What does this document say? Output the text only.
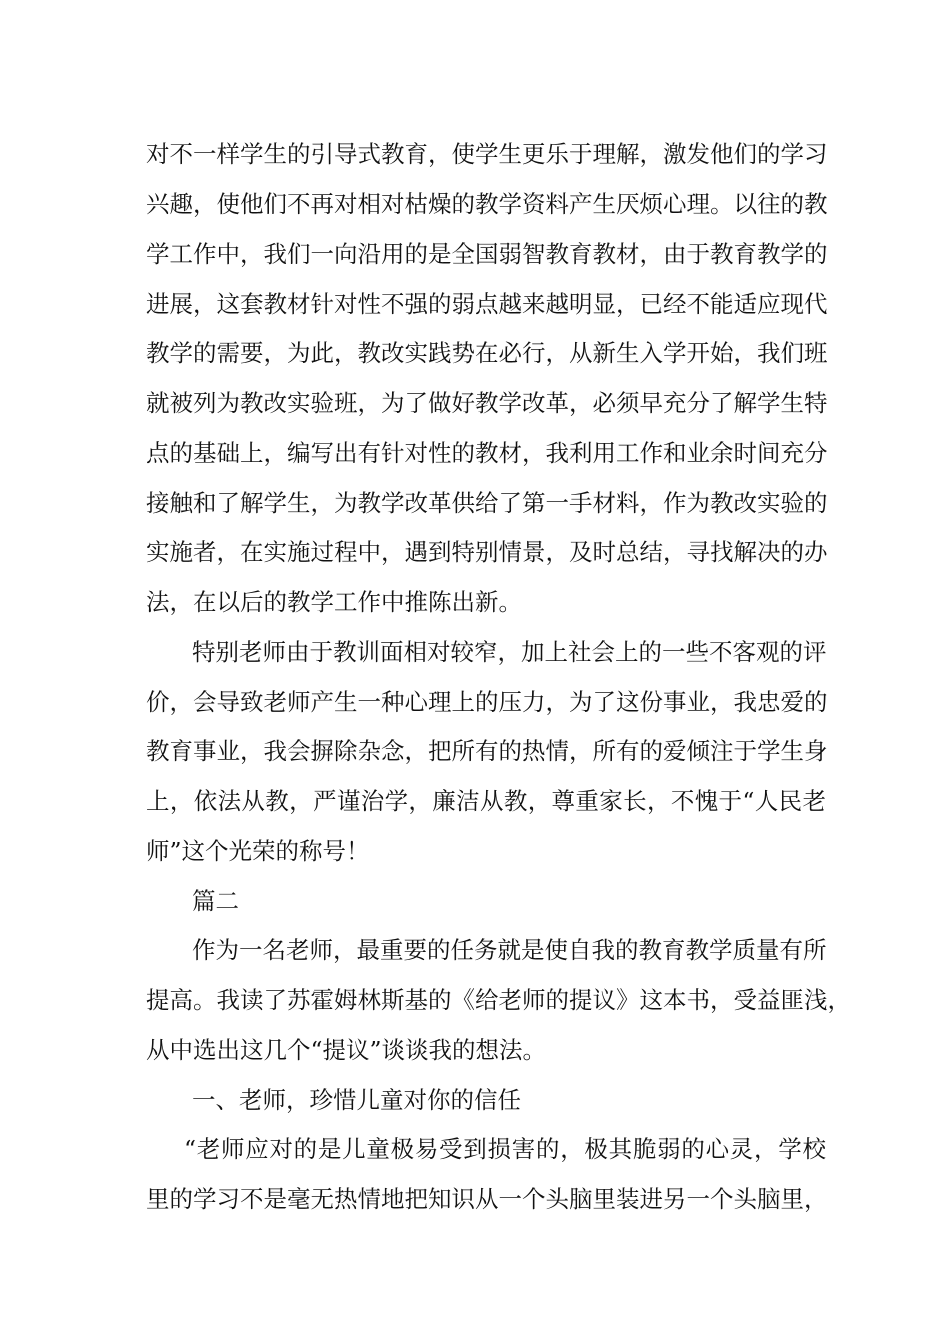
对不一样学生的引导式教育，使学生更乐于理解，激发他们的学习
兴趣，使他们不再对相对枯燥的教学资料产生厌烦心理。以往的教
学工作中，我们一向沿用的是全国弱智教育教材，由于教育教学的
进展，这套教材针对性不强的弱点越来越明显，已经不能适应现代
教学的需要，为此，教改实践势在必行，从新生入学开始，我们班
就被列为教改实验班，为了做好教学改革，必须早充分了解学生特
点的基础上，编写出有针对性的教材，我利用工作和业余时间充分
接触和了解学生，为教学改革供给了第一手材料，作为教改实验的
实施者，在实施过程中，遇到特别情景，及时总结，寻找解决的办
法，在以后的教学工作中推陈出新。
特别老师由于教训面相对较窄，加上社会上的一些不客观的评
价，会导致老师产生一种心理上的压力，为了这份事业，我忠爱的
教育事业，我会摒除杂念，把所有的热情，所有的爱倾注于学生身
上，依法从教，严谨治学，廉洁从教，尊重家长，不愧于“人民老
师”这个光荣的称号！
篇二
作为一名老师，最重要的任务就是使自我的教育教学质量有所
提高。我读了苏霍姆林斯基的《给老师的提议》这本书，受益匪浅，
从中选出这几个“提议”谈谈我的想法。
一、老师，珍惜儿童对你的信任
“老师应对的是儿童极易受到损害的，极其脆弱的心灵，学校
里的学习不是毫无热情地把知识从一个头脑里装进另一个头脑里，
